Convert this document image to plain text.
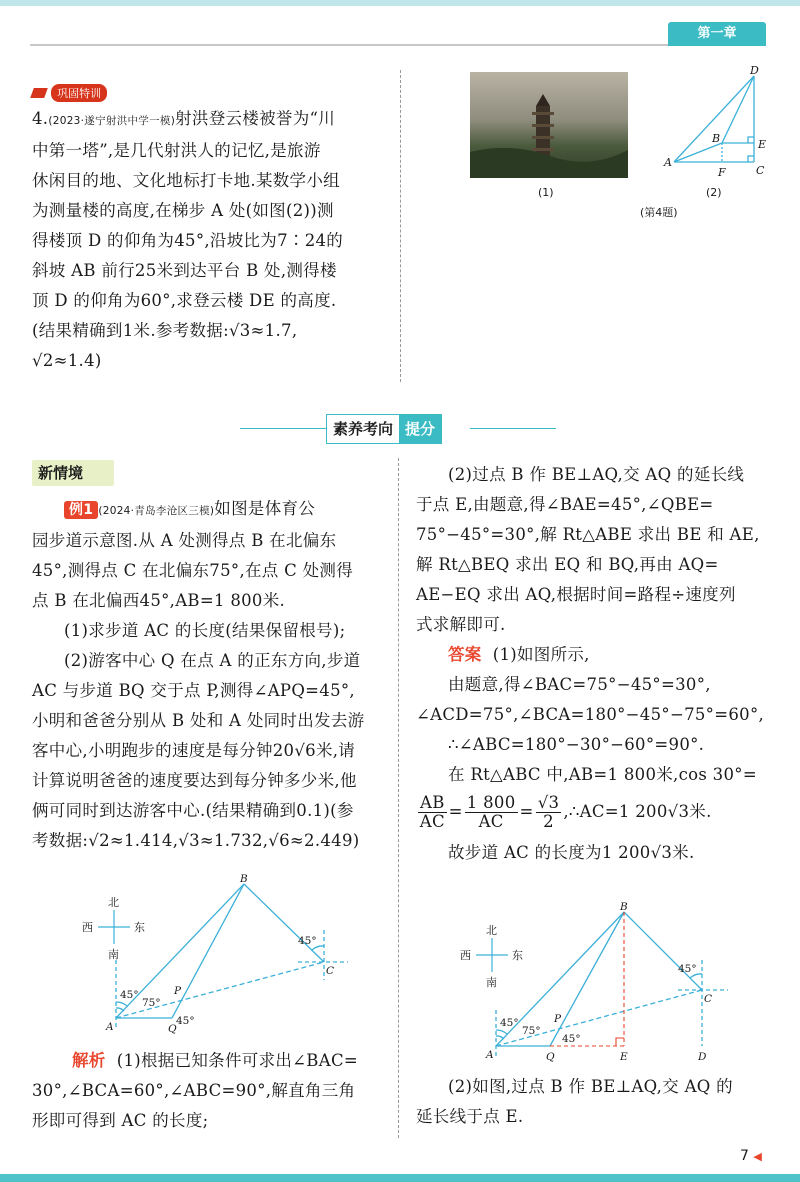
第一章
巩固特训
4.(2023·遂宁射洪中学一模)射洪登云楼被誉为“川
中第一塔”,是几代射洪人的记忆,是旅游
休闲目的地、文化地标打卡地.某数学小组
为测量楼的高度,在梯步 A 处(如图(2))测
得楼顶 D 的仰角为45°,沿坡比为7∶24的
斜坡 AB 前行25米到达平台 B 处,测得楼
顶 D 的仰角为60°,求登云楼 DE 的高度.
(结果精确到1米.参考数据:√3≈1.7,
√2≈1.4)
(1)
D
B	E
A
F	C
(2)
(第4题)
素养考向 提分
新情境
例1 (2024·青岛李沧区三模)如图是体育公
园步道示意图.从 A 处测得点 B 在北偏东
45°,测得点 C 在北偏东75°,在点 C 处测得
点 B 在北偏西45°,AB=1 800米.
(1)求步道 AC 的长度(结果保留根号);
(2)游客中心 Q 在点 A 的正东方向,步道
AC 与步道 BQ 交于点 P,测得∠APQ=45°,
小明和爸爸分别从 B 处和 A 处同时出发去游
客中心,小明跑步的速度是每分钟20√6米,请
计算说明爸爸的速度要达到每分钟多少米,他
俩可同时到达游客中心.(结果精确到0.1)(参
考数据:√2≈1.414,√3≈1.732,√6≈2.449)
北
南
西	东
B
C
A	Q
P
45°
75°
45°
45°
解析 (1)根据已知条件可求出∠BAC=
30°,∠BCA=60°,∠ABC=90°,解直角三角
形即可得到 AC 的长度;
(2)过点 B 作 BE⊥AQ,交 AQ 的延长线
于点 E,由题意,得∠BAE=45°,∠QBE=
75°−45°=30°,解 Rt△ABE 求出 BE 和 AE,
解 Rt△BEQ 求出 EQ 和 BQ,再由 AQ=
AE−EQ 求出 AQ,根据时间=路程÷速度列
式求解即可.
答案 (1)如图所示,
由题意,得∠BAC=75°−45°=30°,
∠ACD=75°,∠BCA=180°−45°−75°=60°,
∴∠ABC=180°−30°−60°=90°.
在 Rt△ABC 中,AB=1 800米,cos 30°=
$\frac{AB}{AC} = \frac{1 800}{AC} = \frac{√3}{2}$ ,∴AC=1 200√3米.
故步道 AC 的长度为1 200√3米.
北
南
西	东
B
C
D
E
A	Q
P
45°
75°
45°
45°
(2)如图,过点 B 作 BE⊥AQ,交 AQ 的
延长线于点 E.
7 ◀
